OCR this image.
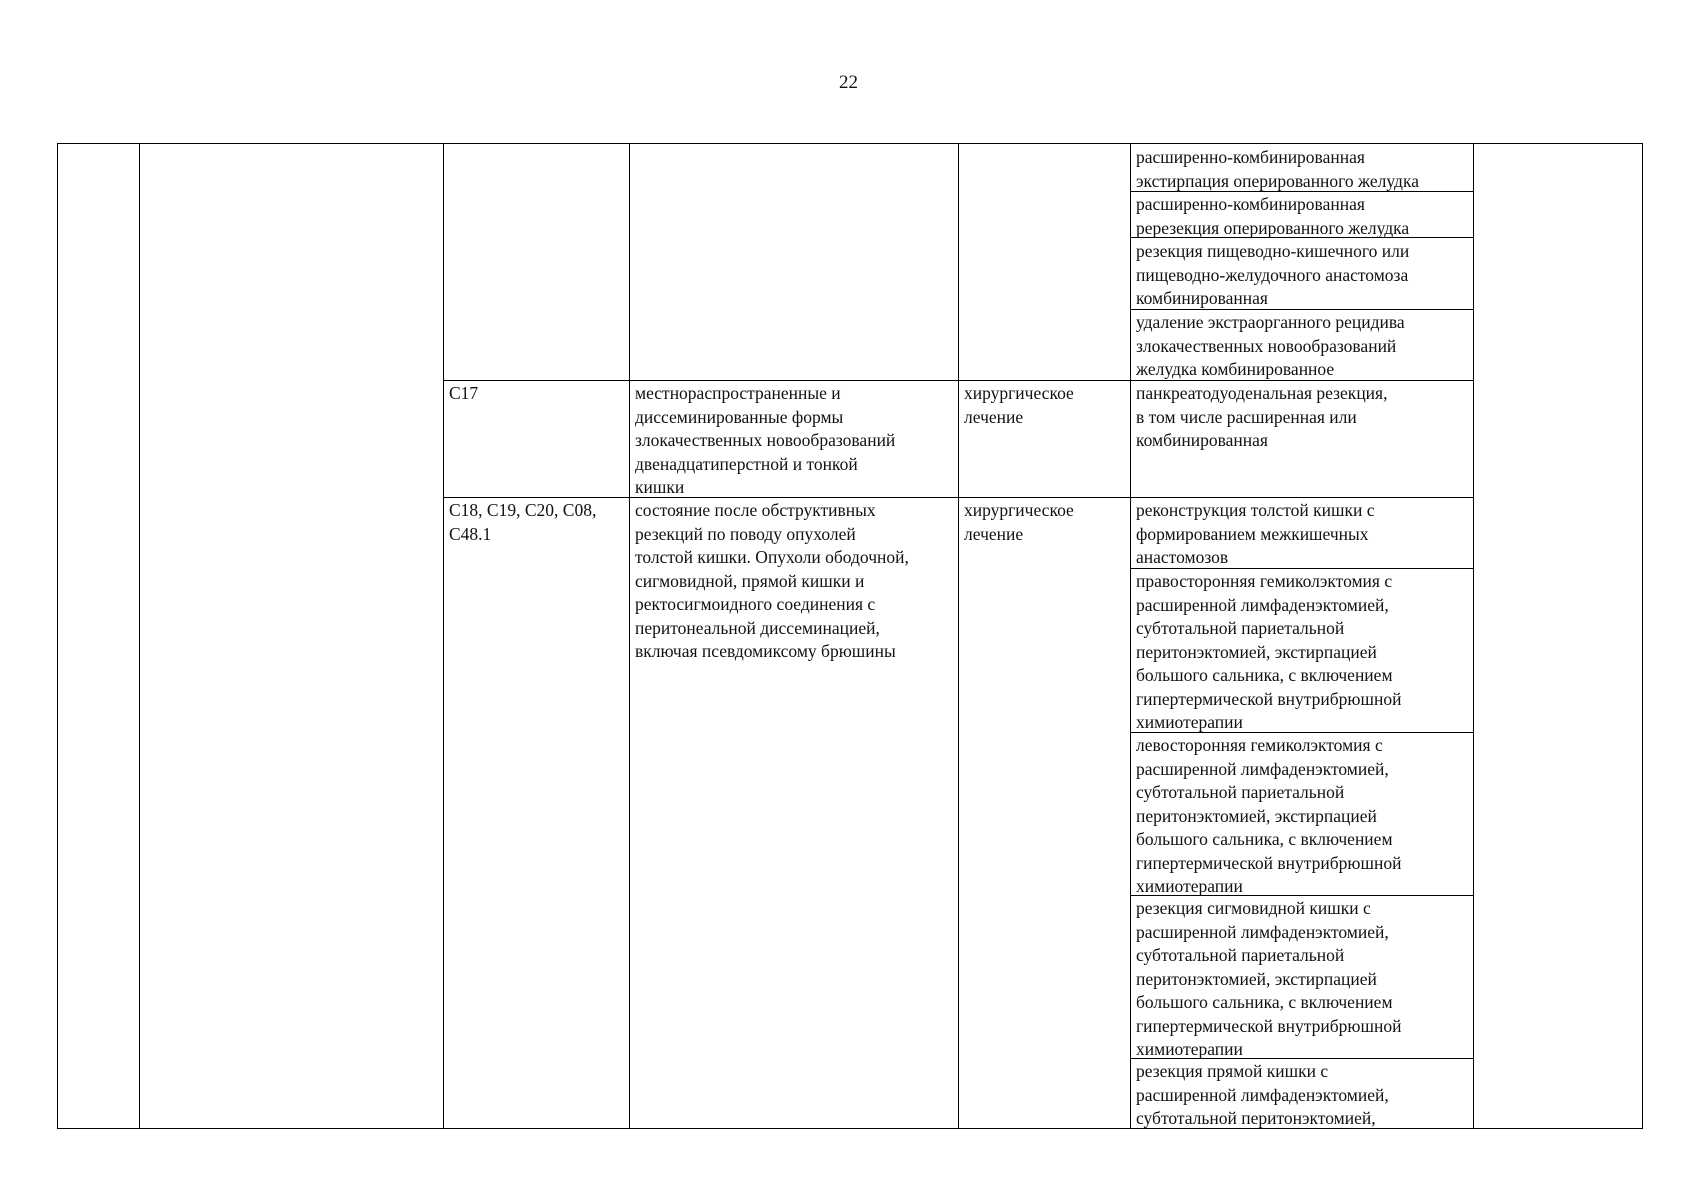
22
расширенно-комбинированная
экстирпация оперированного желудка
расширенно-комбинированная
ререзекция оперированного желудка
резекция пищеводно-кишечного или
пищеводно-желудочного анастомоза
комбинированная
удаление экстраорганного рецидива
злокачественных новообразований
желудка комбинированное
C17	местнораспространенные и
диссеминированные формы
злокачественных новообразований
двенадцатиперстной и тонкой
кишки
хирургическое
лечение
панкреатодуоденальная резекция,
в том числе расширенная или
комбинированная
C18, C19, C20, C08,
C48.1
состояние после обструктивных
резекций по поводу опухолей
толстой кишки. Опухоли ободочной,
сигмовидной, прямой кишки и
ректосигмоидного соединения с
перитонеальной диссеминацией,
включая псевдомиксому брюшины
хирургическое
лечение
реконструкция толстой кишки с
формированием межкишечных
анастомозов
правосторонняя гемиколэктомия с
расширенной лимфаденэктомией,
субтотальной париетальной
перитонэктомией, экстирпацией
большого сальника, с включением
гипертермической внутрибрюшной
химиотерапии
левосторонняя гемиколэктомия с
расширенной лимфаденэктомией,
субтотальной париетальной
перитонэктомией, экстирпацией
большого сальника, с включением
гипертермической внутрибрюшной
химиотерапии
резекция сигмовидной кишки с
расширенной лимфаденэктомией,
субтотальной париетальной
перитонэктомией, экстирпацией
большого сальника, с включением
гипертермической внутрибрюшной
химиотерапии
резекция прямой кишки с
расширенной лимфаденэктомией,
субтотальной перитонэктомией,
